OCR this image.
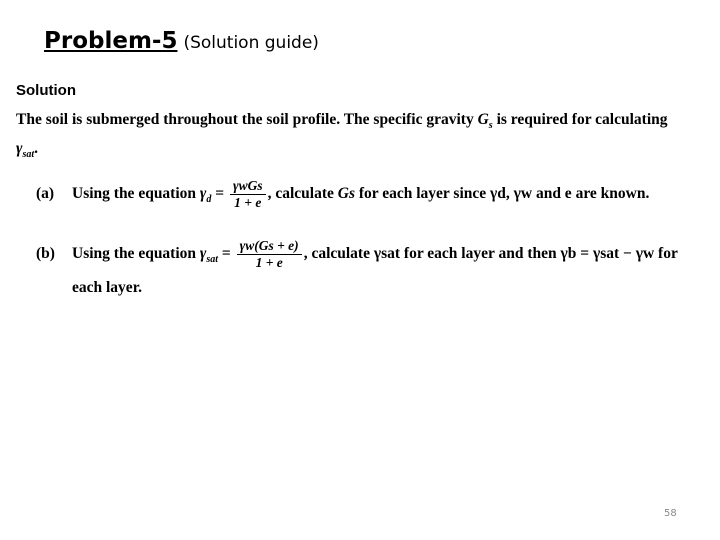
Problem-5 (Solution guide)
Solution
The soil is submerged throughout the soil profile. The specific gravity $G_s$ is required for calculating
$\gamma_{sat}$.
(a) Using the equation $\gamma_d = \frac{\text{γwGs}}{1 + e}$ , calculate Gs for each layer since γd, γw and e are known.
(b) Using the equation $\gamma_{sat} = \frac{\gamma w(Gs + e)}{1 + e}$ , calculate γsat for each layer and then γb = γsat − γw for
each layer.
58
